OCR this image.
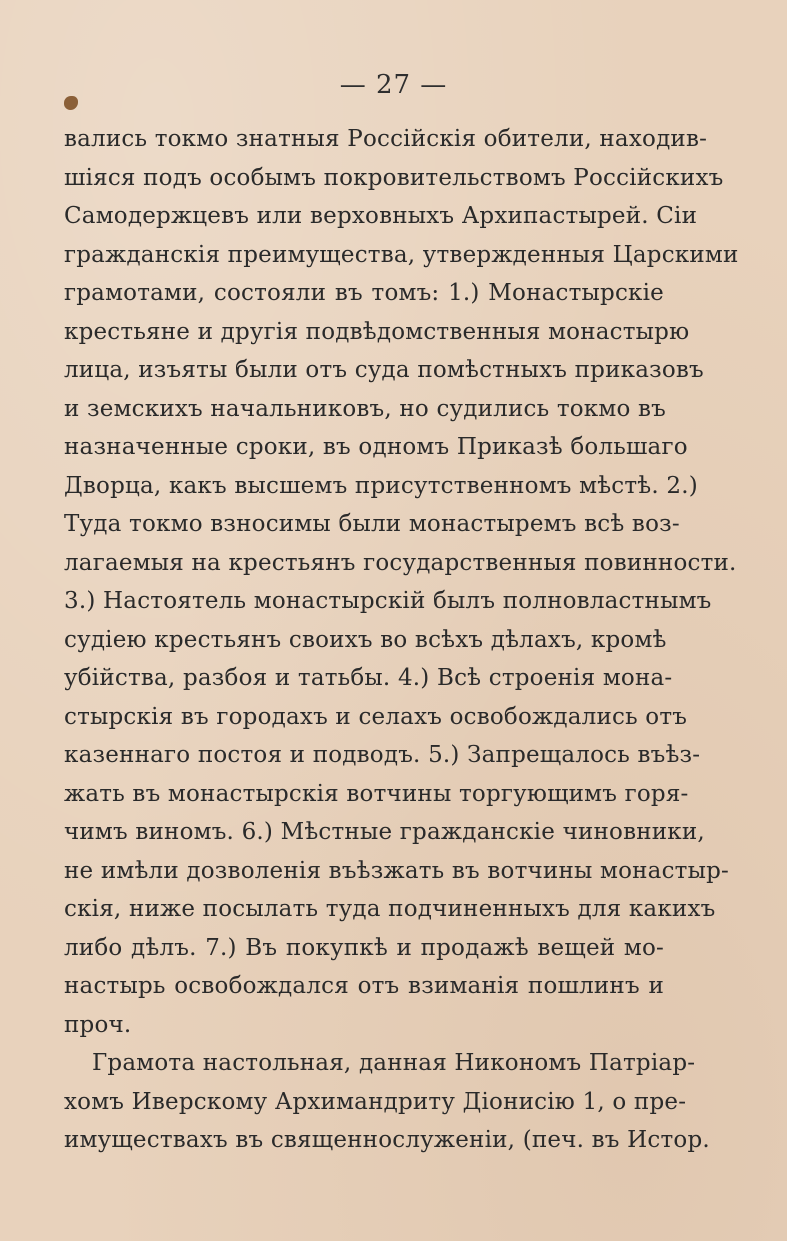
— 27 —
вались токмо знатныя Россійскія обители, находив-
шіяся подъ особымъ покровительствомъ Россійскихъ
Самодержцевъ или верховныхъ Архипастырей. Сіи
гражданскія преимущества, утвержденныя Царскими
грамотами, состояли въ томъ: 1.) Монастырскіе
крестьяне и другія подвѣдомственныя монастырю
лица, изъяты были отъ суда помѣстныхъ приказовъ
и земскихъ начальниковъ, но судились токмо въ
назначенные сроки, въ одномъ Приказѣ большаго
Дворца, какъ высшемъ присутственномъ мѣстѣ. 2.)
Туда токмо взносимы были монастыремъ всѣ воз-
лагаемыя на крестьянъ государственныя повинности.
3.) Настоятель монастырскій былъ полновластнымъ
судіею крестьянъ своихъ во всѣхъ дѣлахъ, кромѣ
убійства, разбоя и татьбы. 4.) Всѣ строенія мона-
стырскія въ городахъ и селахъ освобождались отъ
казеннаго постоя и подводъ. 5.) Запрещалось въѣз-
жать въ монастырскія вотчины торгующимъ горя-
чимъ виномъ. 6.) Мѣстные гражданскіе чиновники,
не имѣли дозволенія въѣзжать въ вотчины монастыр-
скія, ниже посылать туда подчиненныхъ для какихъ
либо дѣлъ. 7.) Въ покупкѣ и продажѣ вещей мо-
настырь освобождался отъ взиманія пошлинъ и
проч.
Грамота настольная, данная Никономъ Патріар-
хомъ Иверскому Архимандриту Діонисію 1, о пре-
имуществахъ въ священнослуженіи, (печ. въ Истор.
